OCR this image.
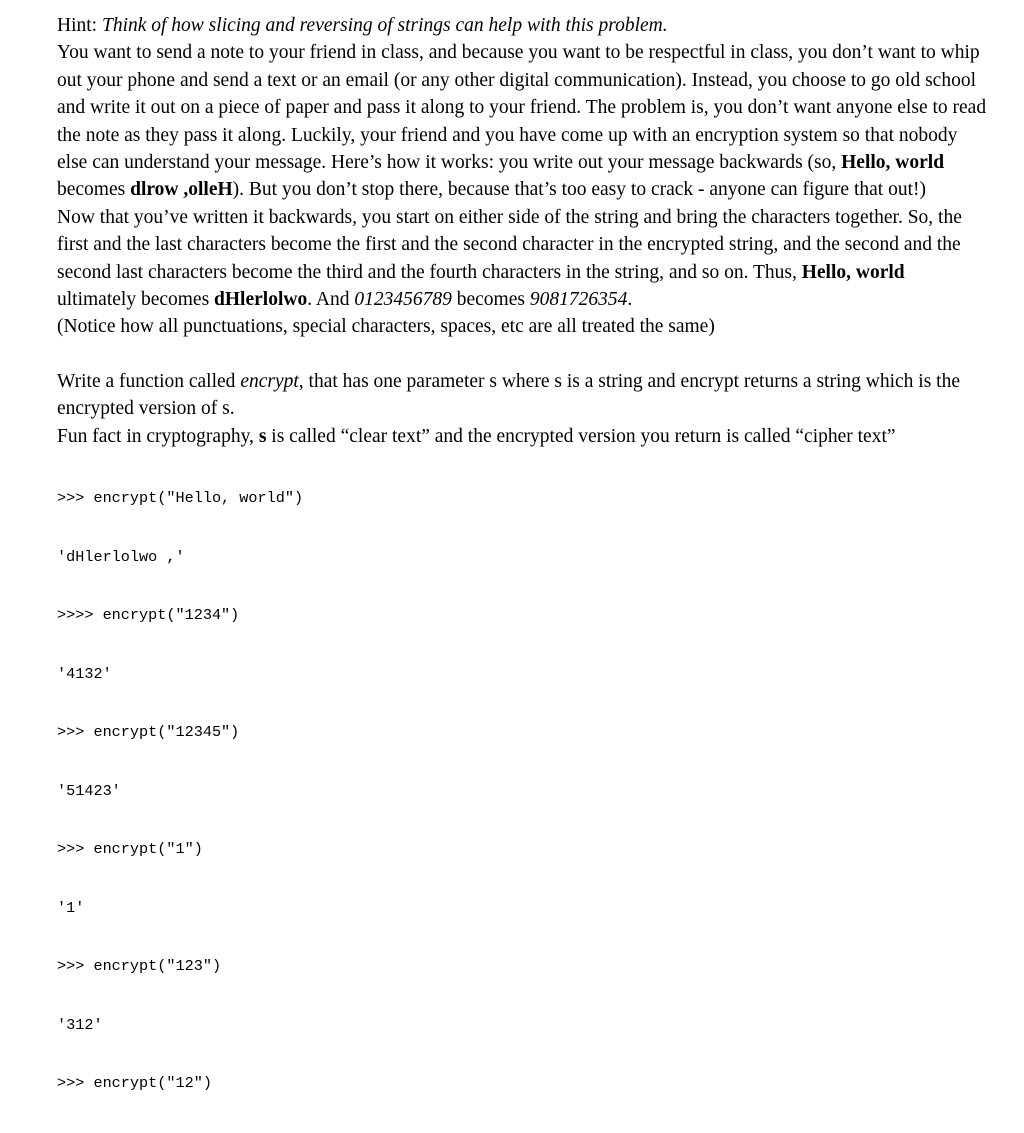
Hint: Think of how slicing and reversing of strings can help with this problem.

You want to send a note to your friend in class, and because you want to be respectful in class, you don’t want to whip out your phone and send a text or an email (or any other digital communication). Instead, you choose to go old school and write it out on a piece of paper and pass it along to your friend. The problem is, you don’t want anyone else to read the note as they pass it along. Luckily, your friend and you have come up with an encryption system so that nobody else can understand your message. Here’s how it works: you write out your message backwards (so, Hello, world becomes dlrow ,olleH). But you don’t stop there, because that’s too easy to crack - anyone can figure that out!)

Now that you’ve written it backwards, you start on either side of the string and bring the characters together. So, the first and the last characters become the first and the second character in the encrypted string, and the second and the second last characters become the third and the fourth characters in the string, and so on. Thus, Hello, world ultimately becomes dHlerlolwo. And 0123456789 becomes 9081726354.

(Notice how all punctuations, special characters, spaces, etc are all treated the same)

Write a function called encrypt, that has one parameter s where s is a string and encrypt returns a string which is the encrypted version of s.

Fun fact in cryptography, s is called “clear text” and the encrypted version you return is called “cipher text”

>>> encrypt("Hello, world")

'dHlerlolwo ,'

>>>> encrypt("1234")

'4132'

>>> encrypt("12345")

'51423'

>>> encrypt("1")

'1'

>>> encrypt("123")

'312'

>>> encrypt("12")
